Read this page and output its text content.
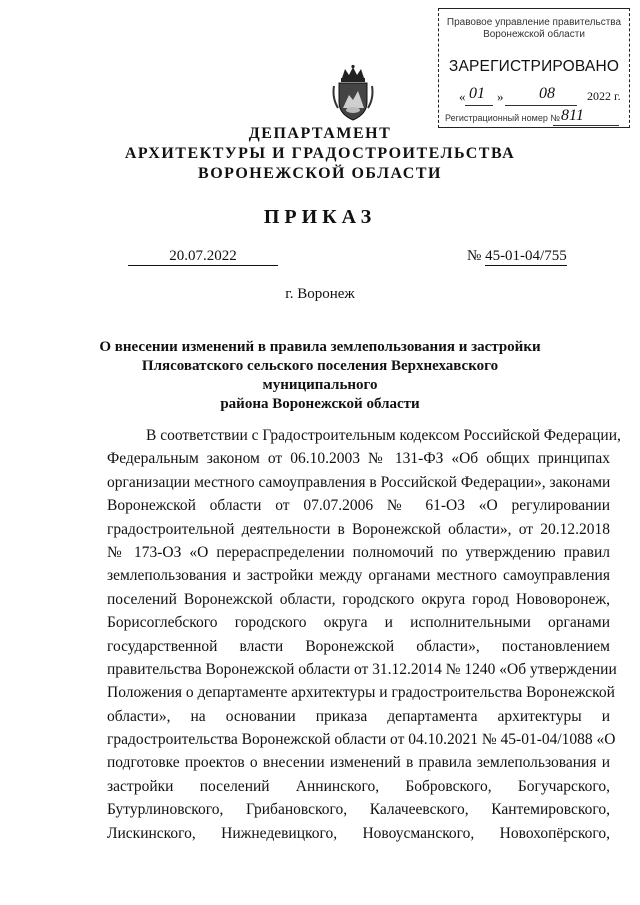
Правовое управление правительства
Воронежской области
ЗАРЕГИСТРИРОВАНО
« 01 » 08	2022 г.
Регистрационный номер № 811
ДЕПАРТАМЕНТ
АРХИТЕКТУРЫ И ГРАДОСТРОИТЕЛЬСТВА
ВОРОНЕЖСКОЙ ОБЛАСТИ
ПРИКАЗ
20.07.2022	№ 45-01-04/755
г. Воронеж
О внесении изменений в правила землепользования и застройки
Плясоватского сельского поселения Верхнехавского муниципального
района Воронежской области
В соответствии с Градостроительным кодексом Российской Федерации,
Федеральным законом от 06.10.2003 № 131-ФЗ «Об общих принципах
организации местного самоуправления в Российской Федерации», законами
Воронежской области от 07.07.2006 № 61-ОЗ «О регулировании
градостроительной деятельности в Воронежской области», от 20.12.2018
№ 173-ОЗ «О перераспределении полномочий по утверждению правил
землепользования и застройки между органами местного самоуправления
поселений Воронежской области, городского округа город Нововоронеж,
Борисоглебского городского округа и исполнительными органами
государственной власти Воронежской области», постановлением
правительства Воронежской области от 31.12.2014 № 1240 «Об утверждении
Положения о департаменте архитектуры и градостроительства Воронежской
области», на основании приказа департамента архитектуры и
градостроительства Воронежской области от 04.10.2021 № 45-01-04/1088 «О
подготовке проектов о внесении изменений в правила землепользования и
застройки поселений Аннинского, Бобровского, Богучарского,
Бутурлиновского, Грибановского, Калачеевского, Кантемировского,
Лискинского, Нижнедевицкого, Новоусманского, Новохопёрского,
